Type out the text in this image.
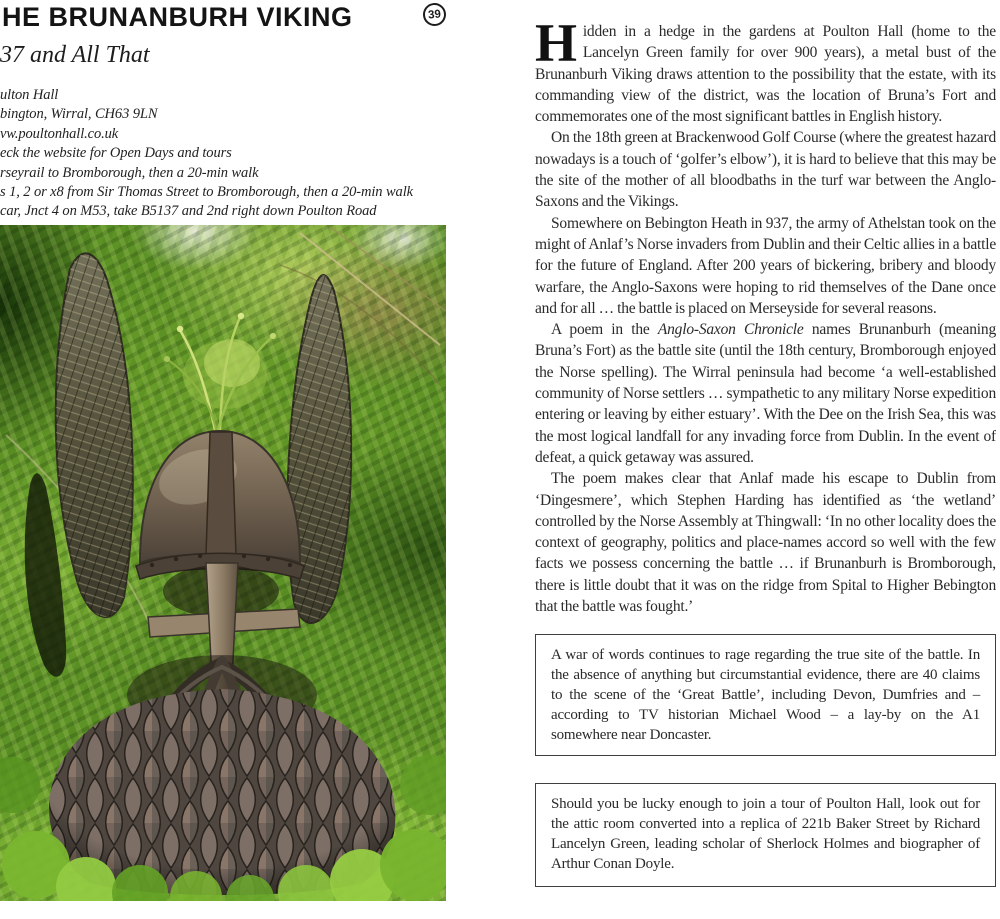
HE BRUNANBURH VIKING	39
37 and All That
ulton Hall
bington, Wirral, CH63 9LN
vw.poultonhall.co.uk
eck the website for Open Days and tours
rseyrail to Bromborough, then a 20-min walk
s 1, 2 or x8 from Sir Thomas Street to Bromborough, then a 20-min walk
car, Jnct 4 on M53, take B5137 and 2nd right down Poulton Road

Hidden in a hedge in the gardens at Poulton Hall (home to the Lancelyn Green family for over 900 years), a metal bust of the Brunanburh Viking draws attention to the possibility that the estate, with its commanding view of the district, was the location of Bruna’s Fort and commemorates one of the most significant battles in English history.

On the 18th green at Brackenwood Golf Course (where the greatest hazard nowadays is a touch of ‘golfer’s elbow’), it is hard to believe that this may be the site of the mother of all bloodbaths in the turf war between the Anglo-Saxons and the Vikings.

Somewhere on Bebington Heath in 937, the army of Athelstan took on the might of Anlaf’s Norse invaders from Dublin and their Celtic allies in a battle for the future of England. After 200 years of bickering, bribery and bloody warfare, the Anglo-Saxons were hoping to rid themselves of the Dane once and for all … the battle is placed on Merseyside for several reasons.

A poem in the Anglo-Saxon Chronicle names Brunanburh (meaning Bruna’s Fort) as the battle site (until the 18th century, Bromborough enjoyed the Norse spelling). The Wirral peninsula had become ‘a well-established community of Norse settlers … sympathetic to any military Norse expedition entering or leaving by either estuary’. With the Dee on the Irish Sea, this was the most logical landfall for any invading force from Dublin. In the event of defeat, a quick getaway was assured.

The poem makes clear that Anlaf made his escape to Dublin from ‘Dingesmere’, which Stephen Harding has identified as ‘the wetland’ controlled by the Norse Assembly at Thingwall: ‘In no other locality does the context of geography, politics and place-names accord so well with the few facts we possess concerning the battle … if Brunanburh is Bromborough, there is little doubt that it was on the ridge from Spital to Higher Bebington that the battle was fought.’

A war of words continues to rage regarding the true site of the battle. In the absence of anything but circumstantial evidence, there are 40 claims to the scene of the ‘Great Battle’, including Devon, Dumfries and – according to TV historian Michael Wood – a lay-by on the A1 somewhere near Doncaster.
Should you be lucky enough to join a tour of Poulton Hall, look out for the attic room converted into a replica of 221b Baker Street by Richard Lancelyn Green, leading scholar of Sherlock Holmes and biographer of Arthur Conan Doyle.
